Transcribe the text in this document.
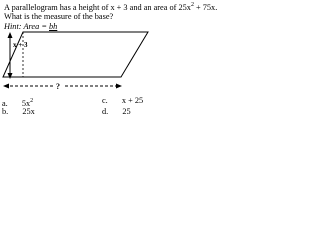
A parallelogram has a height of x + 3 and an area of $25x^2 + 75x$.
What is the measure of the base?
Hint: Area = bh
x + 3
?
a. $5x^2$
b. 25x
c. x + 25
d. 25
